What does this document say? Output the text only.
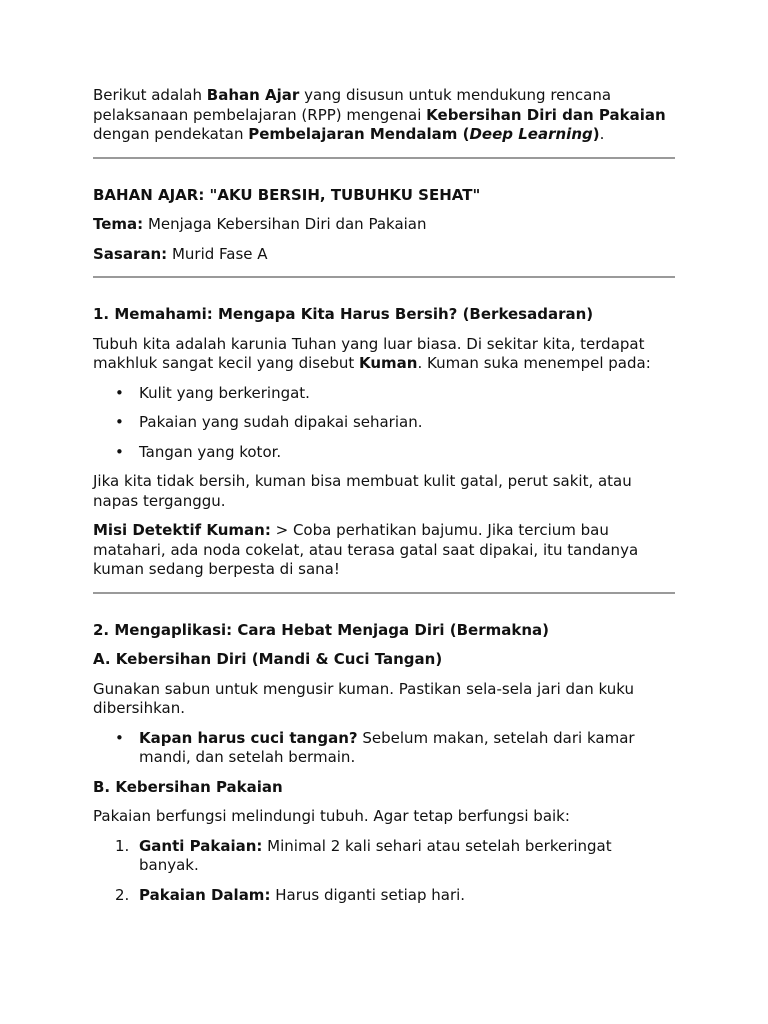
Berikut adalah Bahan Ajar yang disusun untuk mendukung rencana pelaksanaan pembelajaran (RPP) mengenai Kebersihan Diri dan Pakaian dengan pendekatan Pembelajaran Mendalam (Deep Learning).

BAHAN AJAR: "AKU BERSIH, TUBUHKU SEHAT"

Tema: Menjaga Kebersihan Diri dan Pakaian

Sasaran: Murid Fase A

1. Memahami: Mengapa Kita Harus Bersih? (Berkesadaran)

Tubuh kita adalah karunia Tuhan yang luar biasa. Di sekitar kita, terdapat makhluk sangat kecil yang disebut Kuman. Kuman suka menempel pada:

• Kulit yang berkeringat.
• Pakaian yang sudah dipakai seharian.
• Tangan yang kotor.

Jika kita tidak bersih, kuman bisa membuat kulit gatal, perut sakit, atau napas terganggu.

Misi Detektif Kuman: > Coba perhatikan bajumu. Jika tercium bau matahari, ada noda cokelat, atau terasa gatal saat dipakai, itu tandanya kuman sedang berpesta di sana!

2. Mengaplikasi: Cara Hebat Menjaga Diri (Bermakna)

A. Kebersihan Diri (Mandi & Cuci Tangan)

Gunakan sabun untuk mengusir kuman. Pastikan sela-sela jari dan kuku dibersihkan.

• Kapan harus cuci tangan? Sebelum makan, setelah dari kamar mandi, dan setelah bermain.

B. Kebersihan Pakaian

Pakaian berfungsi melindungi tubuh. Agar tetap berfungsi baik:

1. Ganti Pakaian: Minimal 2 kali sehari atau setelah berkeringat banyak.
2. Pakaian Dalam: Harus diganti setiap hari.
